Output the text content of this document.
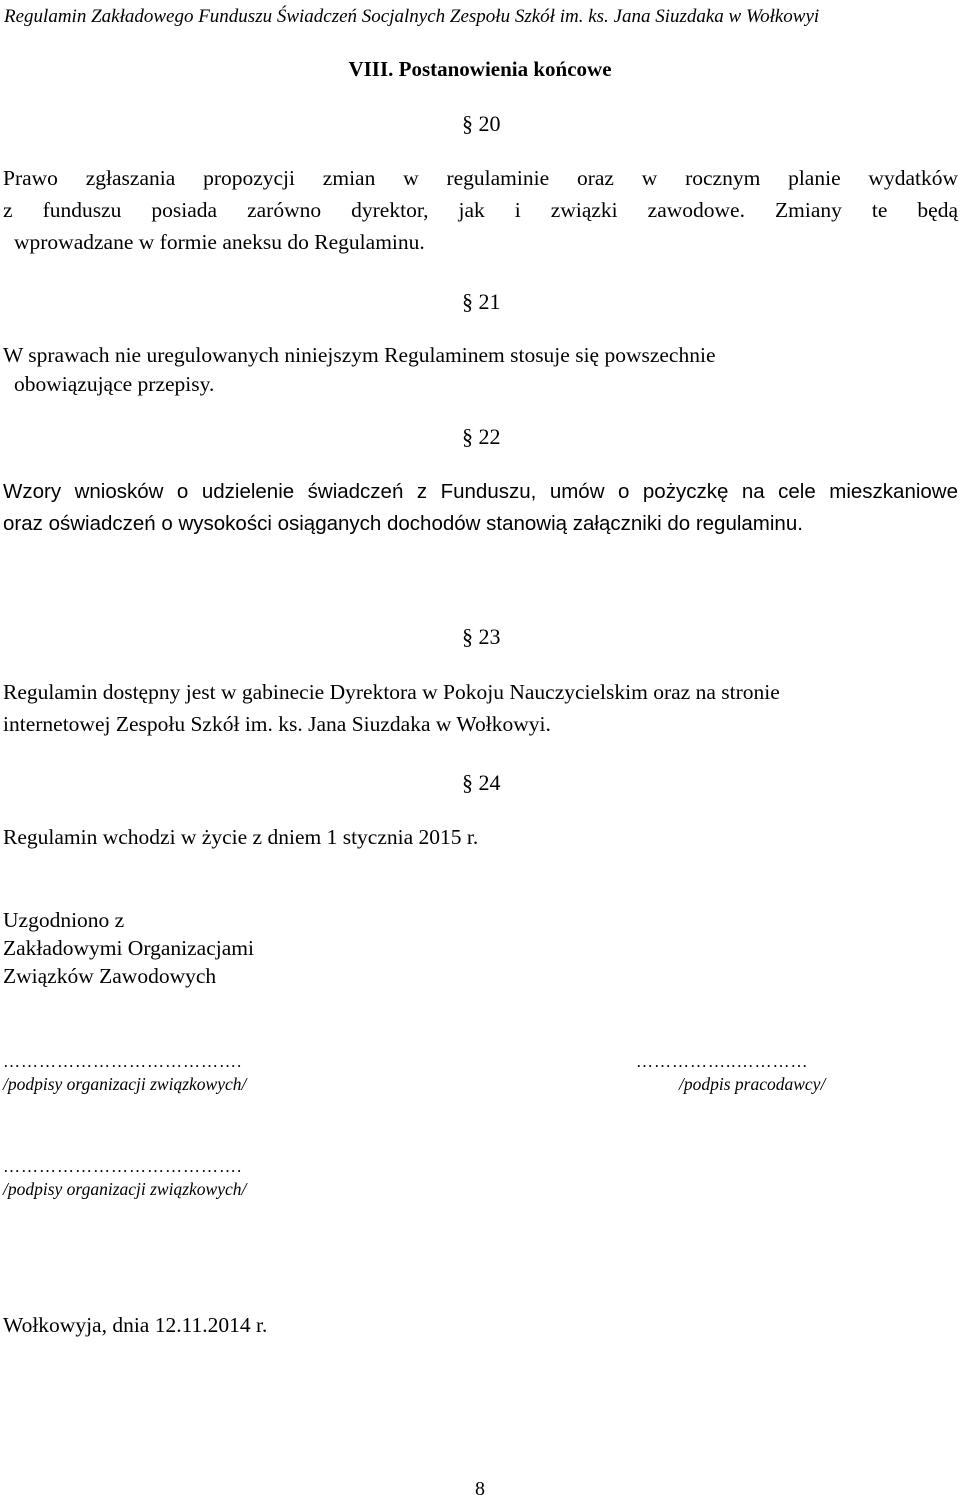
Regulamin Zakładowego Funduszu Świadczeń Socjalnych Zespołu Szkół im. ks. Jana Siuzdaka w Wołkowyi
VIII. Postanowienia końcowe
§ 20
Prawo zgłaszania propozycji zmian w regulaminie oraz w rocznym planie wydatków
z funduszu posiada zarówno dyrektor, jak i związki zawodowe. Zmiany te będą
wprowadzane w formie aneksu do Regulaminu.
§ 21
W sprawach nie uregulowanych niniejszym Regulaminem stosuje się powszechnie
obowiązujące przepisy.
§ 22
Wzory wniosków o udzielenie świadczeń z Funduszu, umów o pożyczkę na cele mieszkaniowe
oraz oświadczeń o wysokości osiąganych dochodów stanowią załączniki do regulaminu.
§ 23
Regulamin dostępny jest w gabinecie Dyrektora w Pokoju Nauczycielskim oraz na stronie
internetowej Zespołu Szkół im. ks. Jana Siuzdaka w Wołkowyi.
§ 24
Regulamin wchodzi w życie z dniem 1 stycznia 2015 r.
Uzgodniono z
Zakładowymi Organizacjami
Związków Zawodowych
………………………………….
/podpisy organizacji związkowych/
……………..…………
/podpis pracodawcy/
………………………………….
/podpisy organizacji związkowych/
Wołkowyja, dnia 12.11.2014 r.
8
